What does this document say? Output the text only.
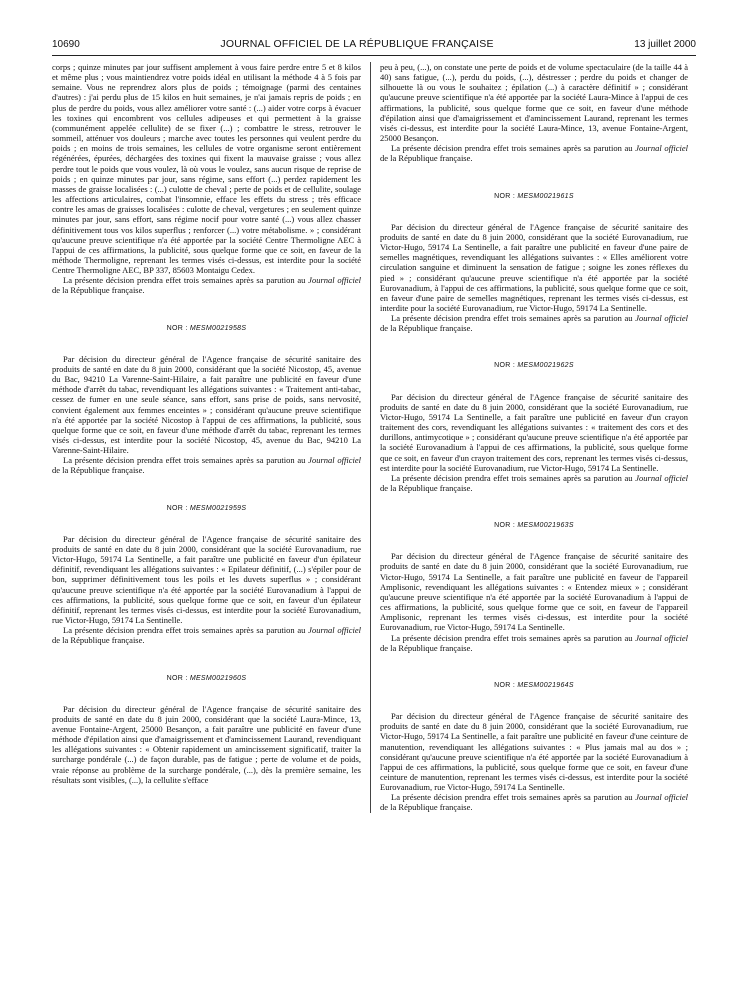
10690	JOURNAL OFFICIEL DE LA RÉPUBLIQUE FRANÇAISE	13 juillet 2000

corps ; quinze minutes par jour suffisent amplement à vous faire perdre entre 5 et 8 kilos et même plus ; vous maintiendrez votre poids idéal en utilisant la méthode 4 à 5 fois par semaine. Vous ne reprendrez alors plus de poids ; témoignage (parmi des centaines d'autres) : j'ai perdu plus de 15 kilos en huit semaines, je n'ai jamais repris de poids ; en plus de perdre du poids, vous allez améliorer votre santé : (...) aider votre corps à évacuer les toxines qui encombrent vos cellules adipeuses et qui permettent à la graisse (communément appelée cellulite) de se fixer (...) ; combattre le stress, retrouver le sommeil, atténuer vos douleurs ; marche avec toutes les personnes qui veulent perdre du poids ; en moins de trois semaines, les cellules de votre organisme seront entièrement régénérées, épurées, déchargées des toxines qui fixent la mauvaise graisse ; vous allez perdre tout le poids que vous voulez, là où vous le voulez, sans aucun risque de reprise de poids ; en quinze minutes par jour, sans régime, sans effort (...) perdez rapidement les masses de graisse localisées : (...) culotte de cheval ; perte de poids et de cellulite, soulage les affections articulaires, combat l'insomnie, efface les effets du stress ; très efficace contre les amas de graisses localisées : culotte de cheval, vergetures ; en seulement quinze minutes par jour, sans effort, sans régime nocif pour votre santé (...) vous allez chasser définitivement tous vos kilos superflus ; renforcer (...) votre métabolisme. » ; considérant qu'aucune preuve scientifique n'a été apportée par la société Centre Thermoligne AEC à l'appui de ces affirmations, la publicité, sous quelque forme que ce soit, en faveur de la méthode Thermoligne, reprenant les termes visés ci-dessus, est interdite pour la société Centre Thermoligne AEC, BP 337, 85603 Montaigu Cedex.

La présente décision prendra effet trois semaines après sa parution au Journal officiel de la République française.

NOR : MESM0021958S

Par décision du directeur général de l'Agence française de sécurité sanitaire des produits de santé en date du 8 juin 2000, considérant que la société Nicostop, 45, avenue du Bac, 94210 La Varenne-Saint-Hilaire, a fait paraître une publicité en faveur d'une méthode d'arrêt du tabac, revendiquant les allégations suivantes : « Traitement anti-tabac, cessez de fumer en une seule séance, sans effort, sans prise de poids, sans nervosité, convient également aux femmes enceintes » ; considérant qu'aucune preuve scientifique n'a été apportée par la société Nicostop à l'appui de ces affirmations, la publicité, sous quelque forme que ce soit, en faveur d'une méthode d'arrêt du tabac, reprenant les termes visés ci-dessus, est interdite pour la société Nicostop, 45, avenue du Bac, 94210 La Varenne-Saint-Hilaire.

La présente décision prendra effet trois semaines après sa parution au Journal officiel de la République française.

NOR : MESM0021959S

Par décision du directeur général de l'Agence française de sécurité sanitaire des produits de santé en date du 8 juin 2000, considérant que la société Eurovanadium, rue Victor-Hugo, 59174 La Sentinelle, a fait paraître une publicité en faveur d'un épilateur définitif, revendiquant les allégations suivantes : « Epilateur définitif, (...) s'épiler pour de bon, supprimer définitivement tous les poils et les duvets superflus » ; considérant qu'aucune preuve scientifique n'a été apportée par la société Eurovanadium à l'appui de ces affirmations, la publicité, sous quelque forme que ce soit, en faveur d'un épilateur définitif, reprenant les termes visés ci-dessus, est interdite pour la société Eurovanadium, rue Victor-Hugo, 59174 La Sentinelle.

La présente décision prendra effet trois semaines après sa parution au Journal officiel de la République française.

NOR : MESM0021960S

Par décision du directeur général de l'Agence française de sécurité sanitaire des produits de santé en date du 8 juin 2000, considérant que la société Laura-Mince, 13, avenue Fontaine-Argent, 25000 Besançon, a fait paraître une publicité en faveur d'une méthode d'épilation ainsi que d'amaigrissement et d'amincissement Laurand, revendiquant les allégations suivantes : « Obtenir rapidement un amincissement significatif, traiter la surcharge pondérale (...) de façon durable, pas de fatigue ; perte de volume et de poids, vraie réponse au problème de la surcharge pondérale, (...), dès la première semaine, les résultats sont visibles, (...), la cellulite s'efface

peu à peu, (...), on constate une perte de poids et de volume spectaculaire (de la taille 44 à 40) sans fatigue, (...), perdu du poids, (...), déstresser ; perdre du poids et changer de silhouette là ou vous le souhaitez ; épilation (...) à caractère définitif » ; considérant qu'aucune preuve scientifique n'a été apportée par la société Laura-Mince à l'appui de ces affirmations, la publicité, sous quelque forme que ce soit, en faveur d'une méthode d'épilation ainsi que d'amaigrissement et d'amincissement Laurand, reprenant les termes visés ci-dessus, est interdite pour la société Laura-Mince, 13, avenue Fontaine-Argent, 25000 Besançon.

La présente décision prendra effet trois semaines après sa parution au Journal officiel de la République française.

NOR : MESM0021961S

Par décision du directeur général de l'Agence française de sécurité sanitaire des produits de santé en date du 8 juin 2000, considérant que la société Eurovanadium, rue Victor-Hugo, 59174 La Sentinelle, a fait paraître une publicité en faveur d'une paire de semelles magnétiques, revendiquant les allégations suivantes : « Elles améliorent votre circulation sanguine et diminuent la sensation de fatigue ; soigne les zones réflexes du pied » ; considérant qu'aucune preuve scientifique n'a été apportée par la société Eurovanadium, à l'appui de ces affirmations, la publicité, sous quelque forme que ce soit, en faveur d'une paire de semelles magnétiques, reprenant les termes visés ci-dessus, est interdite pour la société Eurovanadium, rue Victor-Hugo, 59174 La Sentinelle.

La présente décision prendra effet trois semaines après sa parution au Journal officiel de la République française.

NOR : MESM0021962S

Par décision du directeur général de l'Agence française de sécurité sanitaire des produits de santé en date du 8 juin 2000, considérant que la société Eurovanadium, rue Victor-Hugo, 59174 La Sentinelle, a fait paraître une publicité en faveur d'un crayon traitement des cors, revendiquant les allégations suivantes : « traitement des cors et des durillons, antimycotique » ; considérant qu'aucune preuve scientifique n'a été apportée par la société Eurovanadium à l'appui de ces affirmations, la publicité, sous quelque forme que ce soit, en faveur d'un crayon traitement des cors, reprenant les termes visés ci-dessus, est interdite pour la société Eurovanadium, rue Victor-Hugo, 59174 La Sentinelle.

La présente décision prendra effet trois semaines après sa parution au Journal officiel de la République française.

NOR : MESM0021963S

Par décision du directeur général de l'Agence française de sécurité sanitaire des produits de santé en date du 8 juin 2000, considérant que la société Eurovanadium, rue Victor-Hugo, 59174 La Sentinelle, a fait paraître une publicité en faveur de l'appareil Amplisonic, revendiquant les allégations suivantes : « Entendez mieux » ; considérant qu'aucune preuve scientifique n'a été apportée par la société Eurovanadium à l'appui de ces affirmations, la publicité, sous quelque forme que ce soit, en faveur de l'appareil Amplisonic, reprenant les termes visés ci-dessus, est interdite pour la société Eurovanadium, rue Victor-Hugo, 59174 La Sentinelle.

La présente décision prendra effet trois semaines après sa parution au Journal officiel de la République française.

NOR : MESM0021964S

Par décision du directeur général de l'Agence française de sécurité sanitaire des produits de santé en date du 8 juin 2000, considérant que la société Eurovanadium, rue Victor-Hugo, 59174 La Sentinelle, a fait paraître une publicité en faveur d'une ceinture de manutention, revendiquant les allégations suivantes : « Plus jamais mal au dos » ; considérant qu'aucune preuve scientifique n'a été apportée par la société Eurovanadium à l'appui de ces affirmations, la publicité, sous quelque forme que ce soit, en faveur d'une ceinture de manutention, reprenant les termes visés ci-dessus, est interdite pour la société Eurovanadium, rue Victor-Hugo, 59174 La Sentinelle.

La présente décision prendra effet trois semaines après sa parution au Journal officiel de la République française.
